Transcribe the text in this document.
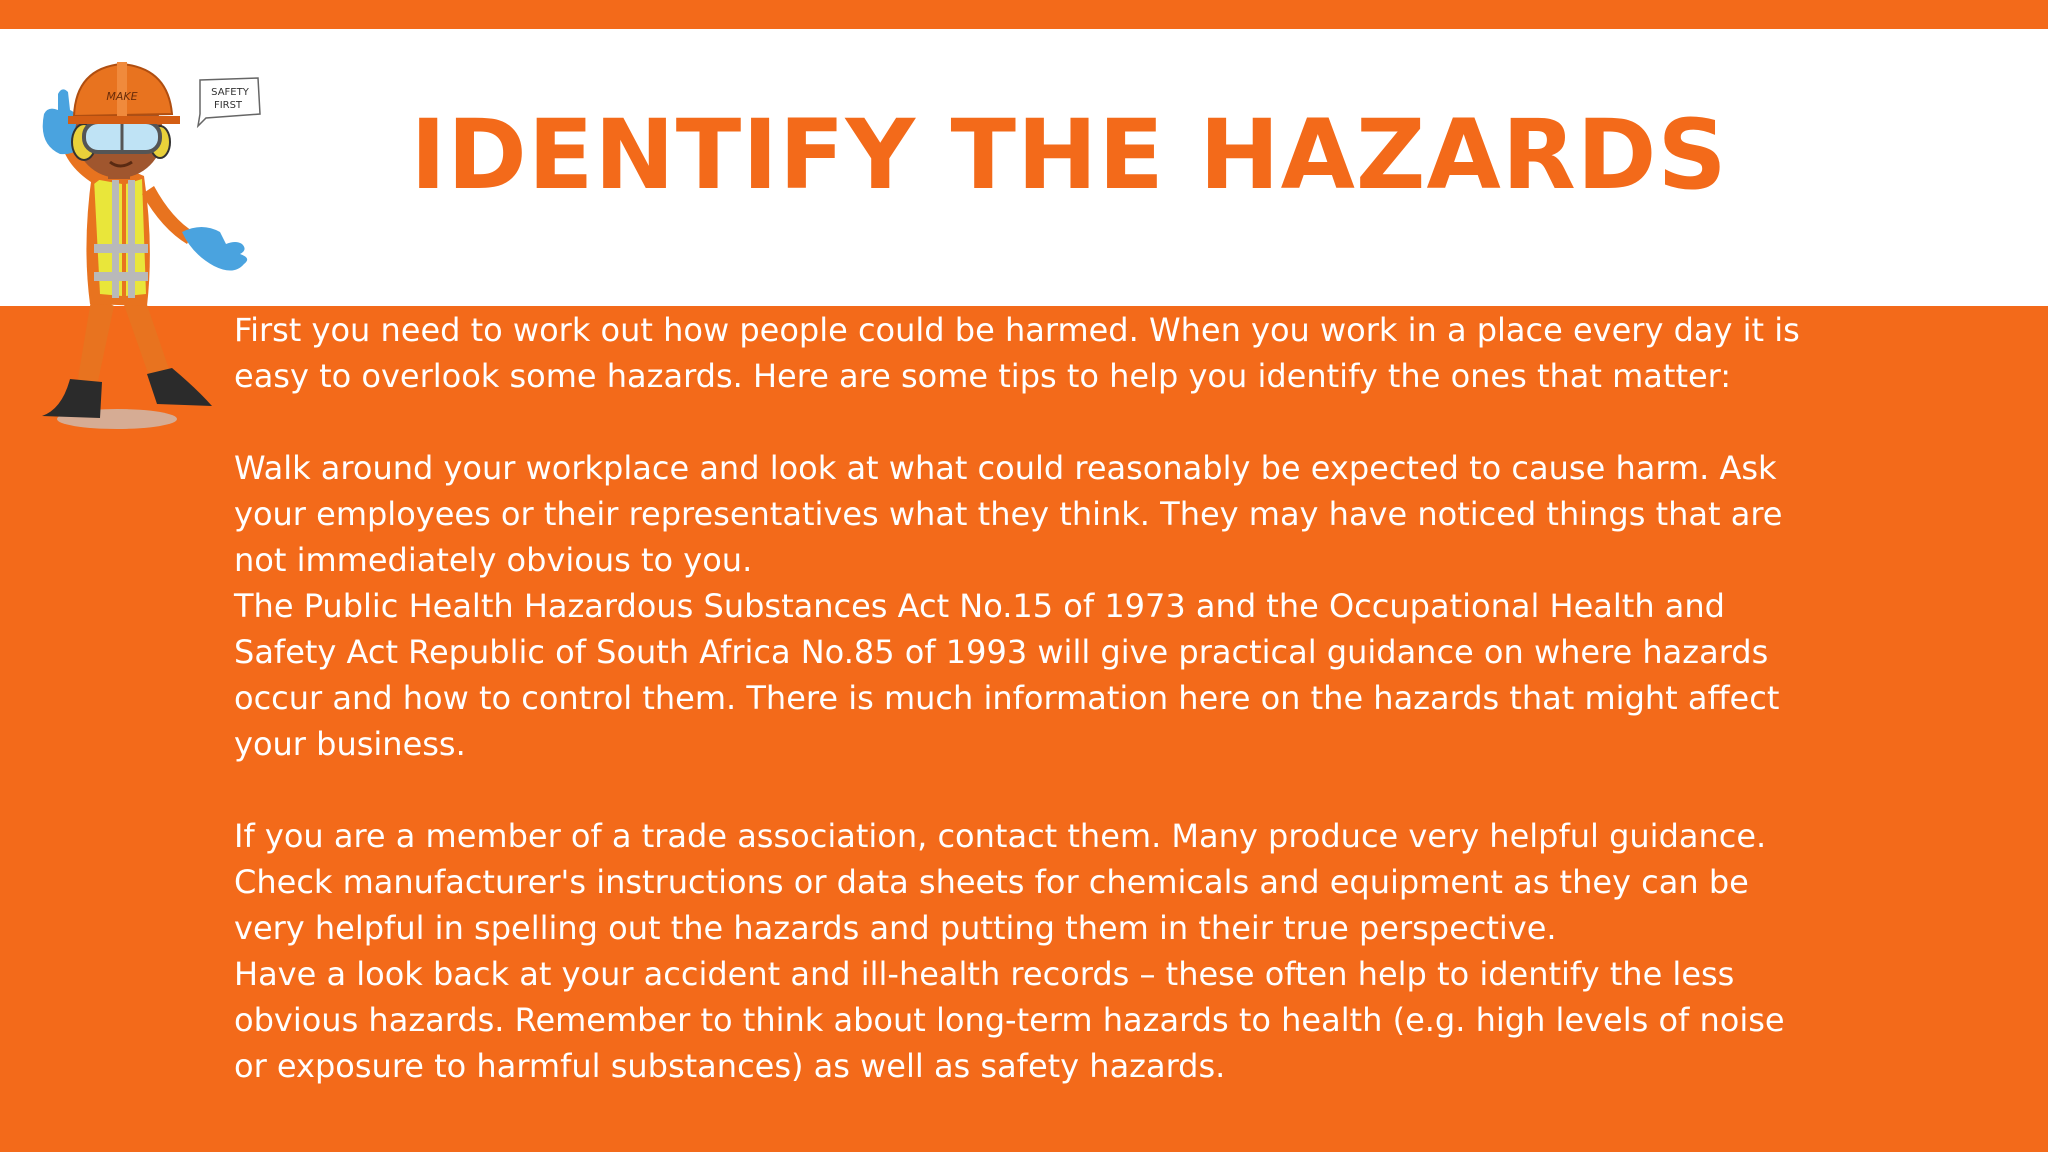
IDENTIFY THE HAZARDS
MAKE	SAFETY
FIRST

First you need to work out how people could be harmed. When you work in a place every day it is easy to overlook some hazards. Here are some tips to help you identify the ones that matter:

Walk around your workplace and look at what could reasonably be expected to cause harm. Ask your employees or their representatives what they think. They may have noticed things that are not immediately obvious to you.

The Public Health Hazardous Substances Act No.15 of 1973 and the Occupational Health and Safety Act Republic of South Africa No.85 of 1993 will give practical guidance on where hazards occur and how to control them. There is much information here on the hazards that might affect your business.

If you are a member of a trade association, contact them. Many produce very helpful guidance.

Check manufacturer's instructions or data sheets for chemicals and equipment as they can be very helpful in spelling out the hazards and putting them in their true perspective.

Have a look back at your accident and ill-health records – these often help to identify the less obvious hazards. Remember to think about long-term hazards to health (e.g. high levels of noise or exposure to harmful substances) as well as safety hazards.
